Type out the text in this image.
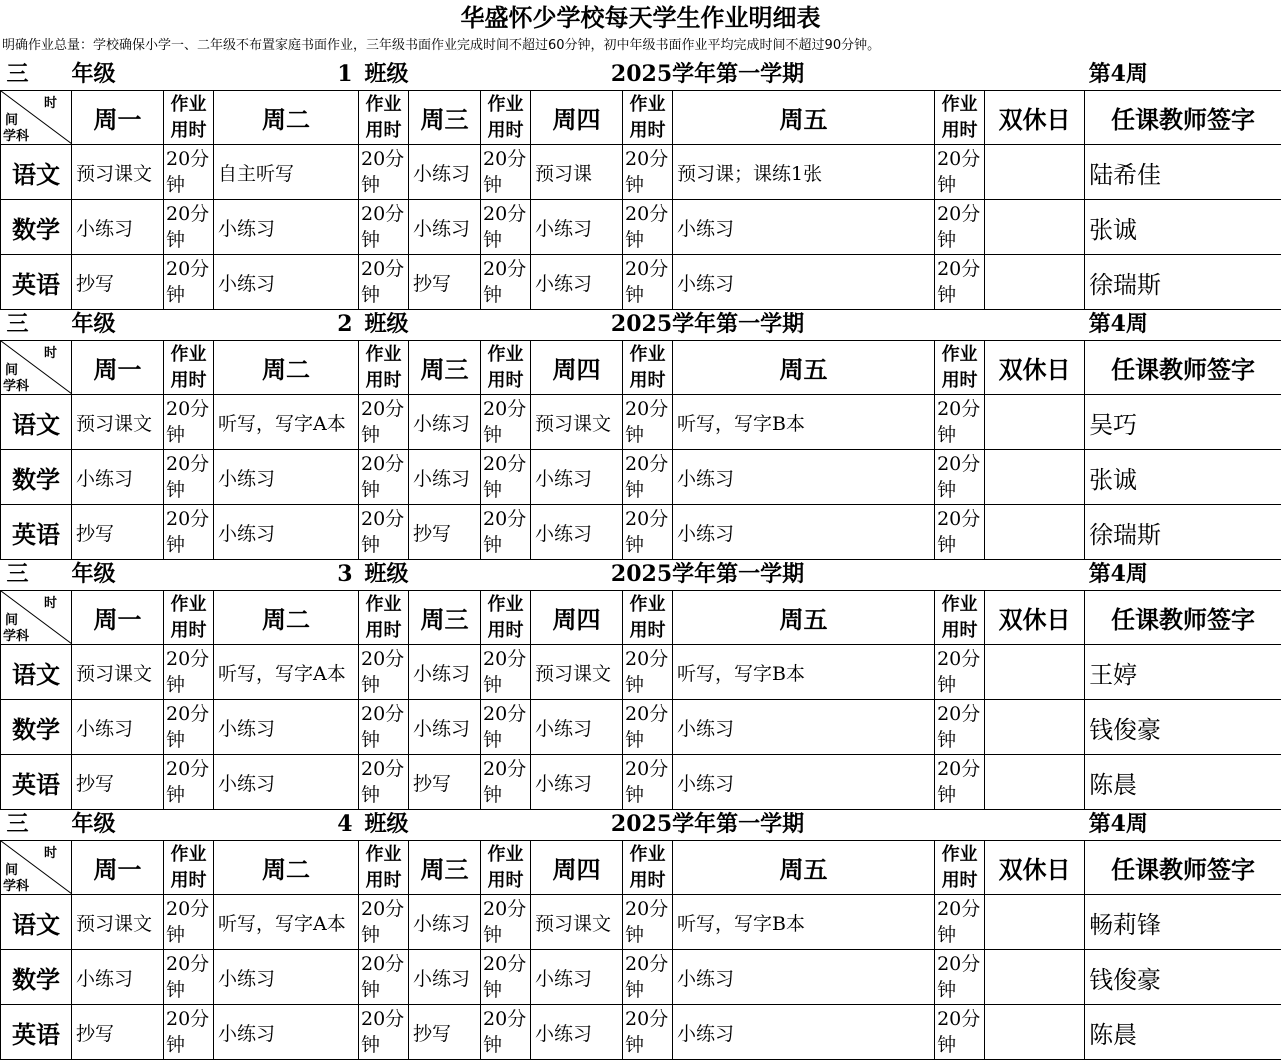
华盛怀少学校每天学生作业明细表
明确作业总量：学校确保小学一、二年级不布置家庭书面作业，三年级书面作业完成时间不超过60分钟，初中年级书面作业平均完成时间不超过90分钟。
三	年级		1	班级		2025学年第一学期						第4周

时
间
学科	周一	作业用时	周二	作业用时	周三	作业用时	周四	作业用时	周五	作业用时	双休日	任课教师签字
语文	预习课文	20分钟	自主听写	20分钟	小练习	20分钟	预习课	20分钟	预习课；课练1张	20分钟		陆希佳
数学	小练习	20分钟	小练习	20分钟	小练习	20分钟	小练习	20分钟	小练习	20分钟		张诚
英语	抄写	20分钟	小练习	20分钟	抄写	20分钟	小练习	20分钟	小练习	20分钟		徐瑞斯
三	年级		2	班级		2025学年第一学期						第4周

时
间
学科	周一	作业用时	周二	作业用时	周三	作业用时	周四	作业用时	周五	作业用时	双休日	任课教师签字
语文	预习课文	20分钟	听写，写字A本	20分钟	小练习	20分钟	预习课文	20分钟	听写，写字B本	20分钟		吴巧
数学	小练习	20分钟	小练习	20分钟	小练习	20分钟	小练习	20分钟	小练习	20分钟		张诚
英语	抄写	20分钟	小练习	20分钟	抄写	20分钟	小练习	20分钟	小练习	20分钟		徐瑞斯
三	年级		3	班级		2025学年第一学期						第4周

时
间
学科	周一	作业用时	周二	作业用时	周三	作业用时	周四	作业用时	周五	作业用时	双休日	任课教师签字
语文	预习课文	20分钟	听写，写字A本	20分钟	小练习	20分钟	预习课文	20分钟	听写，写字B本	20分钟		王婷
数学	小练习	20分钟	小练习	20分钟	小练习	20分钟	小练习	20分钟	小练习	20分钟		钱俊豪
英语	抄写	20分钟	小练习	20分钟	抄写	20分钟	小练习	20分钟	小练习	20分钟		陈晨
三	年级		4	班级		2025学年第一学期						第4周

时
间
学科	周一	作业用时	周二	作业用时	周三	作业用时	周四	作业用时	周五	作业用时	双休日	任课教师签字
语文	预习课文	20分钟	听写，写字A本	20分钟	小练习	20分钟	预习课文	20分钟	听写，写字B本	20分钟		畅莉锋
数学	小练习	20分钟	小练习	20分钟	小练习	20分钟	小练习	20分钟	小练习	20分钟		钱俊豪
英语	抄写	20分钟	小练习	20分钟	抄写	20分钟	小练习	20分钟	小练习	20分钟		陈晨
